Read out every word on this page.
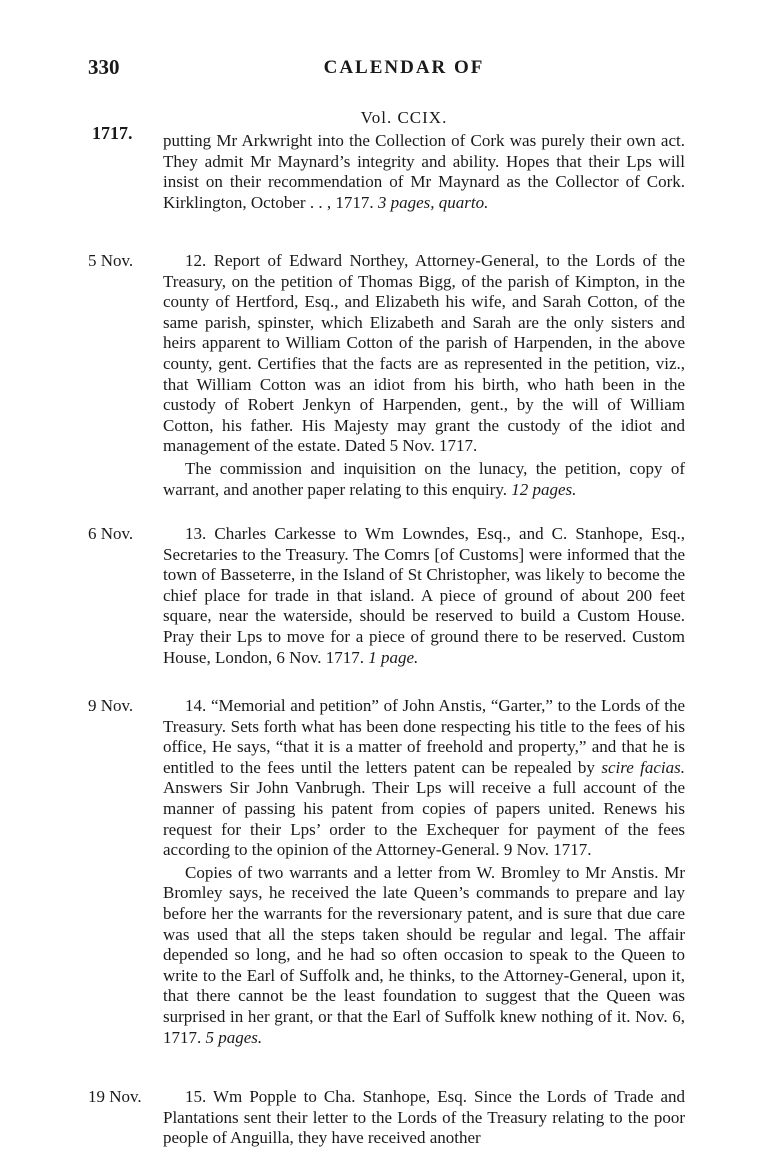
330	CALENDAR OF
Vol. CCIX.
1717. putting Mr Arkwright into the Collection of Cork was purely their own act. They admit Mr Maynard’s integrity and ability. Hopes that their Lps will insist on their recommendation of Mr Maynard as the Collector of Cork. Kirklington, October . . , 1717. 3 pages, quarto.

5 Nov.	12. Report of Edward Northey, Attorney-General, to the Lords of the Treasury, on the petition of Thomas Bigg, of the parish of Kimpton, in the county of Hertford, Esq., and Elizabeth his wife, and Sarah Cotton, of the same parish, spinster, which Elizabeth and Sarah are the only sisters and heirs apparent to William Cotton of the parish of Harpenden, in the above county, gent. Certifies that the facts are as represented in the petition, viz., that William Cotton was an idiot from his birth, who hath been in the custody of Robert Jenkyn of Harpenden, gent., by the will of William Cotton, his father. His Majesty may grant the custody of the idiot and management of the estate. Dated 5 Nov. 1717.

The commission and inquisition on the lunacy, the petition, copy of warrant, and another paper relating to this enquiry. 12 pages.

6 Nov.	13. Charles Carkesse to Wm Lowndes, Esq., and C. Stanhope, Esq., Secretaries to the Treasury. The Comrs [of Customs] were informed that the town of Basseterre, in the Island of St Christopher, was likely to become the chief place for trade in that island. A piece of ground of about 200 feet square, near the waterside, should be reserved to build a Custom House. Pray their Lps to move for a piece of ground there to be reserved. Custom House, London, 6 Nov. 1717. 1 page.

9 Nov.	14. “Memorial and petition” of John Anstis, “Garter,” to the Lords of the Treasury. Sets forth what has been done respecting his title to the fees of his office, He says, “that it is a matter of freehold and property,” and that he is entitled to the fees until the letters patent can be repealed by scire facias. Answers Sir John Vanbrugh. Their Lps will receive a full account of the manner of passing his patent from copies of papers united. Renews his request for their Lps’ order to the Exchequer for payment of the fees according to the opinion of the Attorney-General. 9 Nov. 1717.

Copies of two warrants and a letter from W. Bromley to Mr Anstis. Mr Bromley says, he received the late Queen’s commands to prepare and lay before her the warrants for the reversionary patent, and is sure that due care was used that all the steps taken should be regular and legal. The affair depended so long, and he had so often occasion to speak to the Queen to write to the Earl of Suffolk and, he thinks, to the Attorney-General, upon it, that there cannot be the least foundation to suggest that the Queen was surprised in her grant, or that the Earl of Suffolk knew nothing of it. Nov. 6, 1717. 5 pages.

19 Nov.	15. Wm Popple to Cha. Stanhope, Esq. Since the Lords of Trade and Plantations sent their letter to the Lords of the Treasury relating to the poor people of Anguilla, they have received another
